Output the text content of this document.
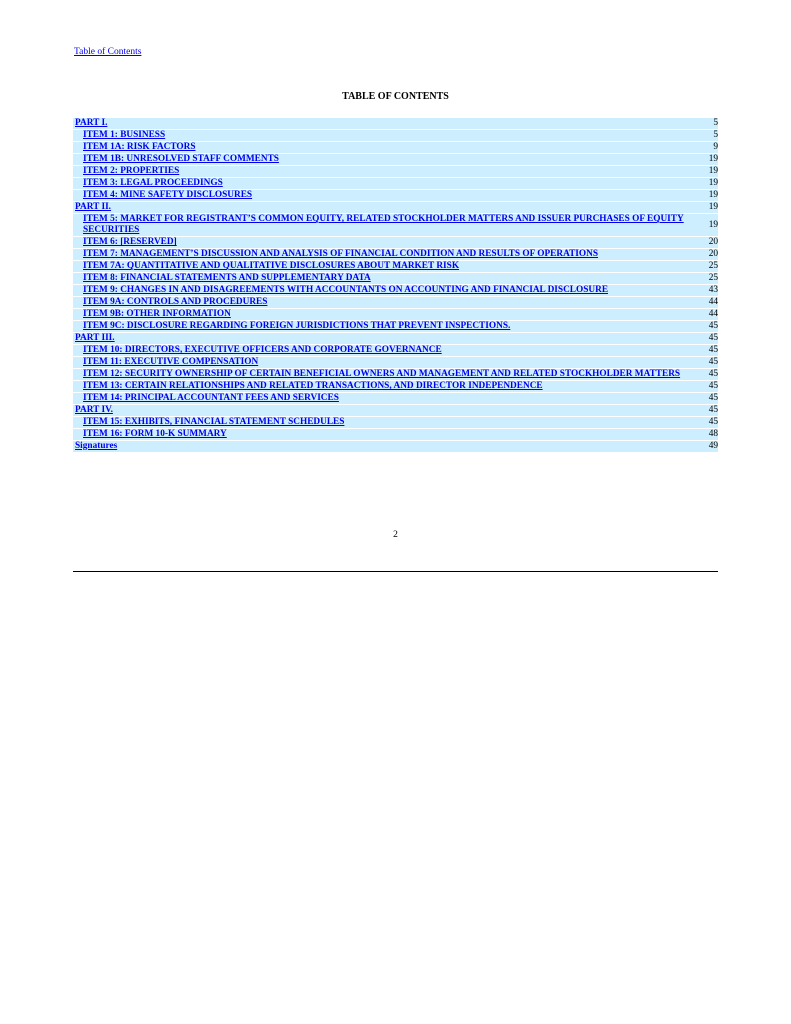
Table of Contents
TABLE OF CONTENTS
PART I.	5
ITEM 1: BUSINESS	5
ITEM 1A: RISK FACTORS	9
ITEM 1B: UNRESOLVED STAFF COMMENTS	19
ITEM 2: PROPERTIES	19
ITEM 3: LEGAL PROCEEDINGS	19
ITEM 4: MINE SAFETY DISCLOSURES	19
PART II.	19
ITEM 5: MARKET FOR REGISTRANT’S COMMON EQUITY, RELATED STOCKHOLDER MATTERS AND ISSUER PURCHASES OF EQUITY SECURITIES	19
ITEM 6: [RESERVED]	20
ITEM 7: MANAGEMENT’S DISCUSSION AND ANALYSIS OF FINANCIAL CONDITION AND RESULTS OF OPERATIONS	20
ITEM 7A: QUANTITATIVE AND QUALITATIVE DISCLOSURES ABOUT MARKET RISK	25
ITEM 8: FINANCIAL STATEMENTS AND SUPPLEMENTARY DATA	25
ITEM 9: CHANGES IN AND DISAGREEMENTS WITH ACCOUNTANTS ON ACCOUNTING AND FINANCIAL DISCLOSURE	43
ITEM 9A: CONTROLS AND PROCEDURES	44
ITEM 9B: OTHER INFORMATION	44
ITEM 9C: DISCLOSURE REGARDING FOREIGN JURISDICTIONS THAT PREVENT INSPECTIONS.	45
PART III.	45
ITEM 10: DIRECTORS, EXECUTIVE OFFICERS AND CORPORATE GOVERNANCE	45
ITEM 11: EXECUTIVE COMPENSATION	45
ITEM 12: SECURITY OWNERSHIP OF CERTAIN BENEFICIAL OWNERS AND MANAGEMENT AND RELATED STOCKHOLDER MATTERS	45
ITEM 13: CERTAIN RELATIONSHIPS AND RELATED TRANSACTIONS, AND DIRECTOR INDEPENDENCE	45
ITEM 14: PRINCIPAL ACCOUNTANT FEES AND SERVICES	45
PART IV.	45
ITEM 15: EXHIBITS, FINANCIAL STATEMENT SCHEDULES	45
ITEM 16: FORM 10-K SUMMARY	48
Signatures	49
2
